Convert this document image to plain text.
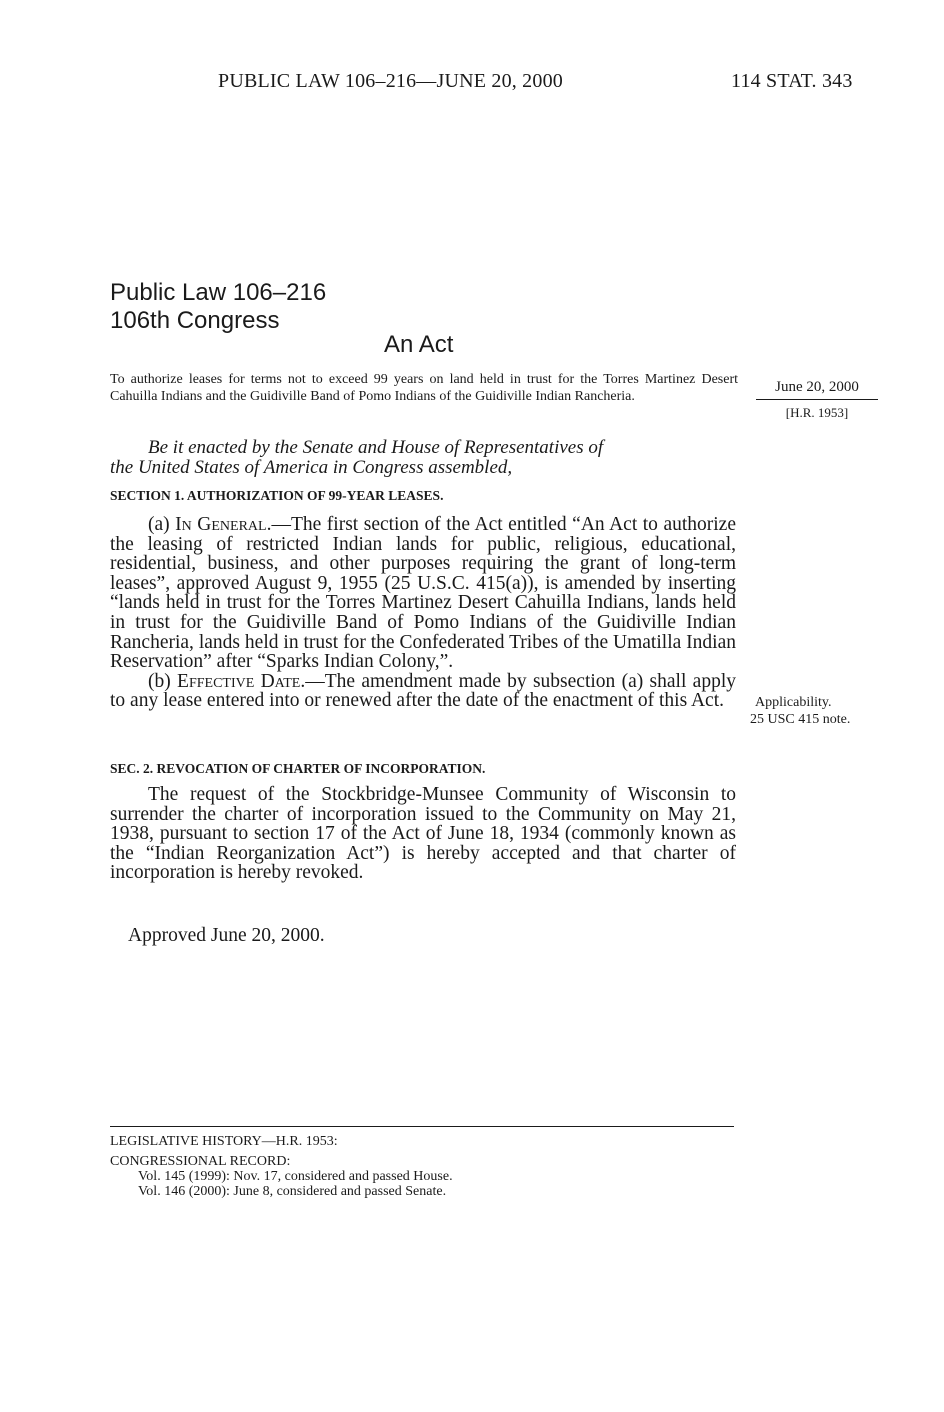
PUBLIC LAW 106–216—JUNE 20, 2000	114 STAT. 343
Public Law 106–216
106th Congress
An Act
To authorize leases for terms not to exceed 99 years on land held in trust for the Torres Martinez Desert Cahuilla Indians and the Guidiville Band of Pomo Indians of the Guidiville Indian Rancheria.
June 20, 2000
[H.R. 1953]

Be it enacted by the Senate and House of Representatives of

the United States of America in Congress assembled,

SECTION 1. AUTHORIZATION OF 99-YEAR LEASES.

(a) In General.—The first section of the Act entitled “An Act to authorize the leasing of restricted Indian lands for public, religious, educational, residential, business, and other purposes requiring the grant of long-term leases”, approved August 9, 1955 (25 U.S.C. 415(a)), is amended by inserting “lands held in trust for the Torres Martinez Desert Cahuilla Indians, lands held in trust for the Guidiville Band of Pomo Indians of the Guidiville Indian Rancheria, lands held in trust for the Confederated Tribes of the Umatilla Indian Reservation” after “Sparks Indian Colony,”.

(b) Effective Date.—The amendment made by subsection (a) shall apply to any lease entered into or renewed after the date of the enactment of this Act.	Applicability.
25 USC 415 note.
SEC. 2. REVOCATION OF CHARTER OF INCORPORATION.

The request of the Stockbridge-Munsee Community of Wisconsin to surrender the charter of incorporation issued to the Community on May 21, 1938, pursuant to section 17 of the Act of June 18, 1934 (commonly known as the “Indian Reorganization Act”) is hereby accepted and that charter of incorporation is hereby revoked.

Approved June 20, 2000.
LEGISLATIVE HISTORY—H.R. 1953:
CONGRESSIONAL RECORD:
Vol. 145 (1999): Nov. 17, considered and passed House.
Vol. 146 (2000): June 8, considered and passed Senate.
